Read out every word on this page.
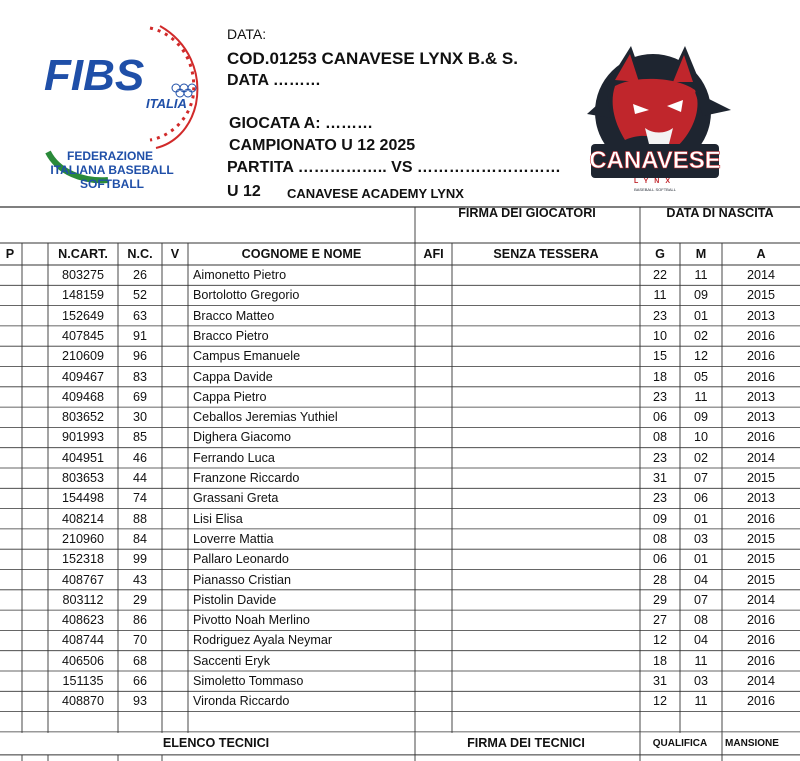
DATA:
COD.01253 CANAVESE LYNX B.& S.
DATA ………
GIOCATA A: ………
CAMPIONATO U 12 2025
PARTITA …………….. VS ………………………
U 12 CANAVESE ACADEMY LYNX
FIBS
ITALIA
FEDERAZIONE
ITALIANA BASEBALL
SOFTBALL
CANAVESE
LYNX
BASEBALL SOFTBALL
FIRMA DEI GIOCATORI	DATA DI NASCITA
P	N.CART. N.C. V	COGNOME E NOME	AFI	SENZA TESSERA	G M	A
803275 26	Aimonetto Pietro	22 11	2014
148159 52	Bortolotto Gregorio	11 09	2015
152649 63	Bracco Matteo	23 01	2013
407845 91	Bracco Pietro	10 02	2016
210609 96	Campus Emanuele	15 12	2016
409467 83	Cappa Davide	18 05	2016
409468 69	Cappa Pietro	23 11	2013
803652 30	Ceballos Jeremias Yuthiel	06 09	2013
901993 85	Dighera Giacomo	08 10	2016
404951 46	Ferrando Luca	23 02	2014
803653 44	Franzone Riccardo	31 07	2015
154498 74	Grassani Greta	23 06	2013
408214 88	Lisi Elisa	09 01	2016
210960 84	Loverre Mattia	08 03	2015
152318 99	Pallaro Leonardo	06 01	2015
408767 43	Pianasso Cristian	28 04	2015
803112 29	Pistolin Davide	29 07	2014
408623 86	Pivotto Noah Merlino	27 08	2016
408744 70	Rodriguez Ayala Neymar	12 04	2016
406506 68	Saccenti Eryk	18 11	2016
151135 66	Simoletto Tommaso	31 03	2014
408870 93	Vironda Riccardo	12 11	2016
ELENCO TECNICI	FIRMA DEI TECNICI	QUALIFICA MANSIONE
